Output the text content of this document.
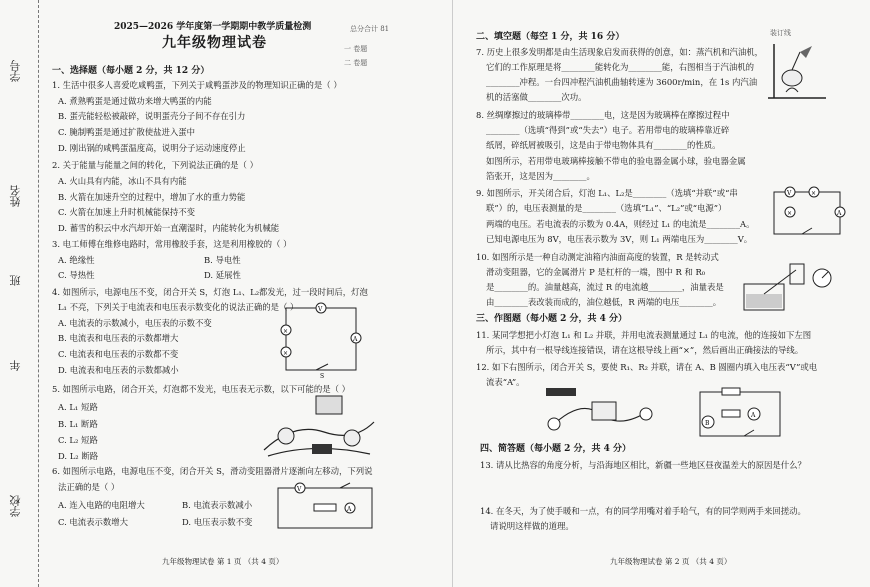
学号
姓名
班
年
学校
2025—2026 学年度第一学期期中教学质量检测
九年级物理试卷
总分合计 81
一 卷题
二 卷题
一、选择题（每小题 2 分，共 12 分）
1. 生活中很多人喜爱吃咸鸭蛋，下列关于咸鸭蛋涉及的物理知识正确的是（ ）
A. 煮熟鸭蛋是通过做功来增大鸭蛋的内能
B. 蛋壳能轻松被敲碎，说明蛋壳分子间不存在引力
C. 腌制鸭蛋是通过扩散使盐进入蛋中
D. 刚出锅的咸鸭蛋温度高，说明分子运动速度停止
2. 关于能量与能量之间的转化，下列说法正确的是（ ）
A. 火山具有内能，冰山不具有内能
B. 火箭在加速升空的过程中，增加了水的重力势能
C. 火箭在加速上升时机械能保持不变
D. 蓄雪的积云中水汽却开始一直潮湿时，内能转化为机械能
3. 电工师傅在维修电路时，常用橡胶手套，这是利用橡胶的（ ）
A. 绝缘性	B. 导电性
C. 导热性	D. 延展性
4. 如图所示，电源电压不变，闭合开关 S，灯泡 L₁、L₂都发光，过一段时间后，灯泡
L₁ 不亮，下列关于电流表和电压表示数变化的说法正确的是（ ）
A. 电流表的示数减小，电压表的示数不变
B. 电流表和电压表的示数都增大
C. 电流表和电压表的示数都不变
D. 电流表和电压表的示数都减小
V
×
A
×
S
5. 如图所示电路，闭合开关，灯泡都不发光，电压表无示数，以下可能的是（ ）
A. L₁ 短路
B. L₁ 断路
C. L₂ 短路
D. L₂ 断路
6. 如图所示电路，电源电压不变，闭合开关 S，滑动变阻器滑片逐渐向左移动，下列说
法正确的是（ ）
A. 连入电路的电阻增大	B. 电流表示数减小
C. 电流表示数增大	D. 电压表示数不变
V
A
九年级物理试卷 第 1 页 （共 4 页）
二、填空题（每空 1 分，共 16 分）	装订线
7. 历史上很多发明都是由生活现象启发而获得的创意，如：蒸汽机和汽油机，
它们的工作原理是将________能转化为________能，右图相当于汽油机的
________冲程。一台四冲程汽油机曲轴转速为 3600r/min，在 1s 内汽油
机的活塞做________次功。
8. 丝绸摩擦过的玻璃棒带________电，这是因为玻璃棒在摩擦过程中
________（选填“得到”或“失去”）电子。若用带电的玻璃棒靠近碎
纸屑，碎纸屑被吸引，这是由于带电物体具有________的性质。
如图所示，若用带电玻璃棒接触不带电的验电器金属小球，验电器金属
箔张开，这是因为________。
9. 如图所示，开关闭合后，灯泡 L₁、L₂是________（选填“并联”或“串
联”）的，电压表测量的是________（选填“L₁”、“L₂”或“电源”）
两端的电压。若电流表的示数为 0.4A，则经过 L₁ 的电流是________A。
已知电源电压为 8V，电压表示数为 3V，则 L₁ 两端电压为________V。
V	×
A
×
10. 如图所示是一种自动测定油箱内油面高度的装置，R 是转动式
滑动变阻器，它的金属滑片 P 是杠杆的一端，图中 R 和 R₀
是________的。油量越高，流过 R 的电流越________，油量表是
由________表改装而成的，油位越低，R 两端的电压________。
三、作图题（每小题 2 分，共 4 分）
11. 某同学想把小灯泡 L₁ 和 L₂ 并联，并用电流表测量通过 L₁ 的电流，他的连接如下左图
所示，其中有一根导线连接错误，请在这根导线上画“×”，然后画出正确接法的导线。
12. 如下右图所示，闭合开关 S，要使 R₁、R₂ 并联，请在 A、B 圆圈内填入电压表“V”或电
流表“A”。
A
B
四、简答题（每小题 2 分，共 4 分）
13. 请从比热容的角度分析，与沿海地区相比，新疆一些地区昼夜温差大的原因是什么？
14. 在冬天，为了使手暖和一点，有的同学用嘴对着手哈气，有的同学则两手来回搓动。
请说明这样做的道理。
九年级物理试卷 第 2 页 （共 4 页）
